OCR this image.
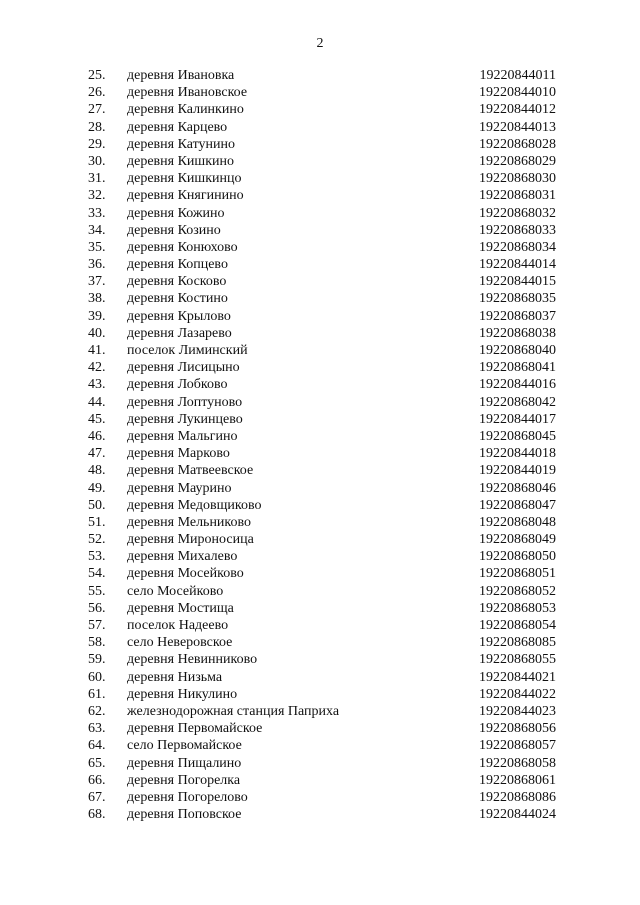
2
25.	деревня Ивановка	19220844011
26.	деревня Ивановское	19220844010
27.	деревня Калинкино	19220844012
28.	деревня Карцево	19220844013
29.	деревня Катунино	19220868028
30.	деревня Кишкино	19220868029
31.	деревня Кишкинцо	19220868030
32.	деревня Княгинино	19220868031
33.	деревня Кожино	19220868032
34.	деревня Козино	19220868033
35.	деревня Конюхово	19220868034
36.	деревня Копцево	19220844014
37.	деревня Косково	19220844015
38.	деревня Костино	19220868035
39.	деревня Крылово	19220868037
40.	деревня Лазарево	19220868038
41.	поселок Лиминский	19220868040
42.	деревня Лисицыно	19220868041
43.	деревня Лобково	19220844016
44.	деревня Лоптуново	19220868042
45.	деревня Лукинцево	19220844017
46.	деревня Мальгино	19220868045
47.	деревня Марково	19220844018
48.	деревня Матвеевское	19220844019
49.	деревня Маурино	19220868046
50.	деревня Медовщиково	19220868047
51.	деревня Мельниково	19220868048
52.	деревня Мироносица	19220868049
53.	деревня Михалево	19220868050
54.	деревня Мосейково	19220868051
55.	село Мосейково	19220868052
56.	деревня Мостища	19220868053
57.	поселок Надеево	19220868054
58.	село Неверовское	19220868085
59.	деревня Невинниково	19220868055
60.	деревня Низьма	19220844021
61.	деревня Никулино	19220844022
62.	железнодорожная станция Паприха	19220844023
63.	деревня Первомайское	19220868056
64.	село Первомайское	19220868057
65.	деревня Пищалино	19220868058
66.	деревня Погорелка	19220868061
67.	деревня Погорелово	19220868086
68.	деревня Поповское	19220844024
